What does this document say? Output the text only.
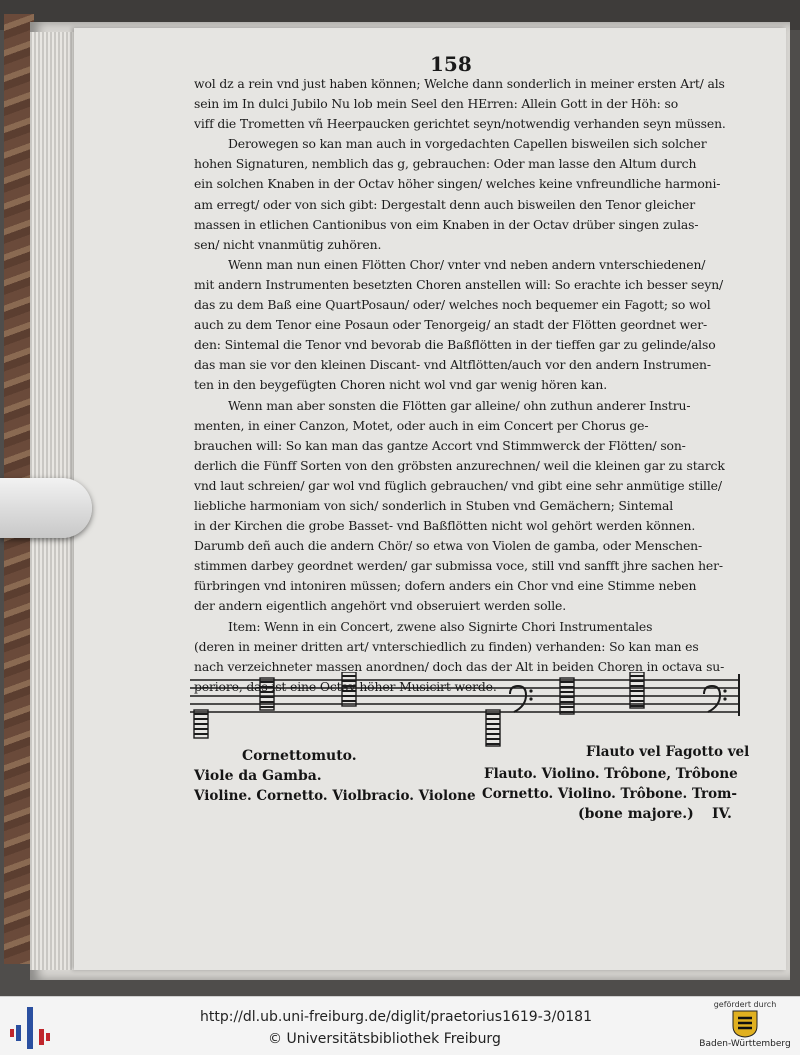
158
wol dz a rein vnd just haben können; Welche dann sonderlich in meiner ersten Art/ als
sein im In dulci Jubilo Nu lob mein Seel den HErren: Allein Gott in der Höh: so
viff die Trometten vñ Heerpaucken gerichtet seyn/notwendig verhanden seyn müssen.
Derowegen so kan man auch in vorgedachten Capellen bisweilen sich solcher
hohen Signaturen, nemblich das g, gebrauchen: Oder man lasse den Altum durch
ein solchen Knaben in der Octav höher singen/ welches keine vnfreundliche harmoni-
am erregt/ oder von sich gibt: Dergestalt denn auch bisweilen den Tenor gleicher
massen in etlichen Cantionibus von eim Knaben in der Octav drüber singen zulas-
sen/ nicht vnanmütig zuhören.
Wenn man nun einen Flötten Chor/ vnter vnd neben andern vnterschiedenen/
mit andern Instrumenten besetzten Choren anstellen will: So erachte ich besser seyn/
das zu dem Baß eine QuartPosaun/ oder/ welches noch bequemer ein Fagott; so wol
auch zu dem Tenor eine Posaun oder Tenorgeig/ an stadt der Flötten geordnet wer-
den: Sintemal die Tenor vnd bevorab die Baßflötten in der tieffen gar zu gelinde/also
das man sie vor den kleinen Discant- vnd Altflötten/auch vor den andern Instrumen-
ten in den beygefügten Choren nicht wol vnd gar wenig hören kan.
Wenn man aber sonsten die Flötten gar alleine/ ohn zuthun anderer Instru-
menten, in einer Canzon, Motet, oder auch in eim Concert per Chorus ge-
brauchen will: So kan man das gantze Accort vnd Stimmwerck der Flötten/ son-
derlich die Fünff Sorten von den gröbsten anzurechnen/ weil die kleinen gar zu starck
vnd laut schreien/ gar wol vnd füglich gebrauchen/ vnd gibt eine sehr anmütige stille/
liebliche harmoniam von sich/ sonderlich in Stuben vnd Gemächern; Sintemal
in der Kirchen die grobe Basset- vnd Baßflötten nicht wol gehört werden können.
Darumb deñ auch die andern Chör/ so etwa von Violen de gamba, oder Menschen-
stimmen darbey geordnet werden/ gar submissa voce, still vnd sanfft jhre sachen her-
fürbringen vnd intoniren müssen; dofern anders ein Chor vnd eine Stimme neben
der andern eigentlich angehört vnd obseruiert werden solle.
Item: Wenn in ein Concert, zwene also Signirte Chori Instrumentales
(deren in meiner dritten art/ vnterschiedlich zu finden) verhanden: So kan man es
nach verzeichneter massen anordnen/ doch das der Alt in beiden Choren in octava su-
periore, das ist eine Octav höher Musicirt werde.
Cornettomuto.
Viole da Gamba.
Violine. Cornetto. Violbracio. Violone
Flauto vel Fagotto vel
Flauto. Violino. Trôbone, Trôbone
Cornetto. Violino. Trôbone. Trom-
(bone majore.) IV.
http://dl.ub.uni-freiburg.de/diglit/praetorius1619-3/0181
© Universitätsbibliothek Freiburg
gefördert durch
Baden-Württemberg
